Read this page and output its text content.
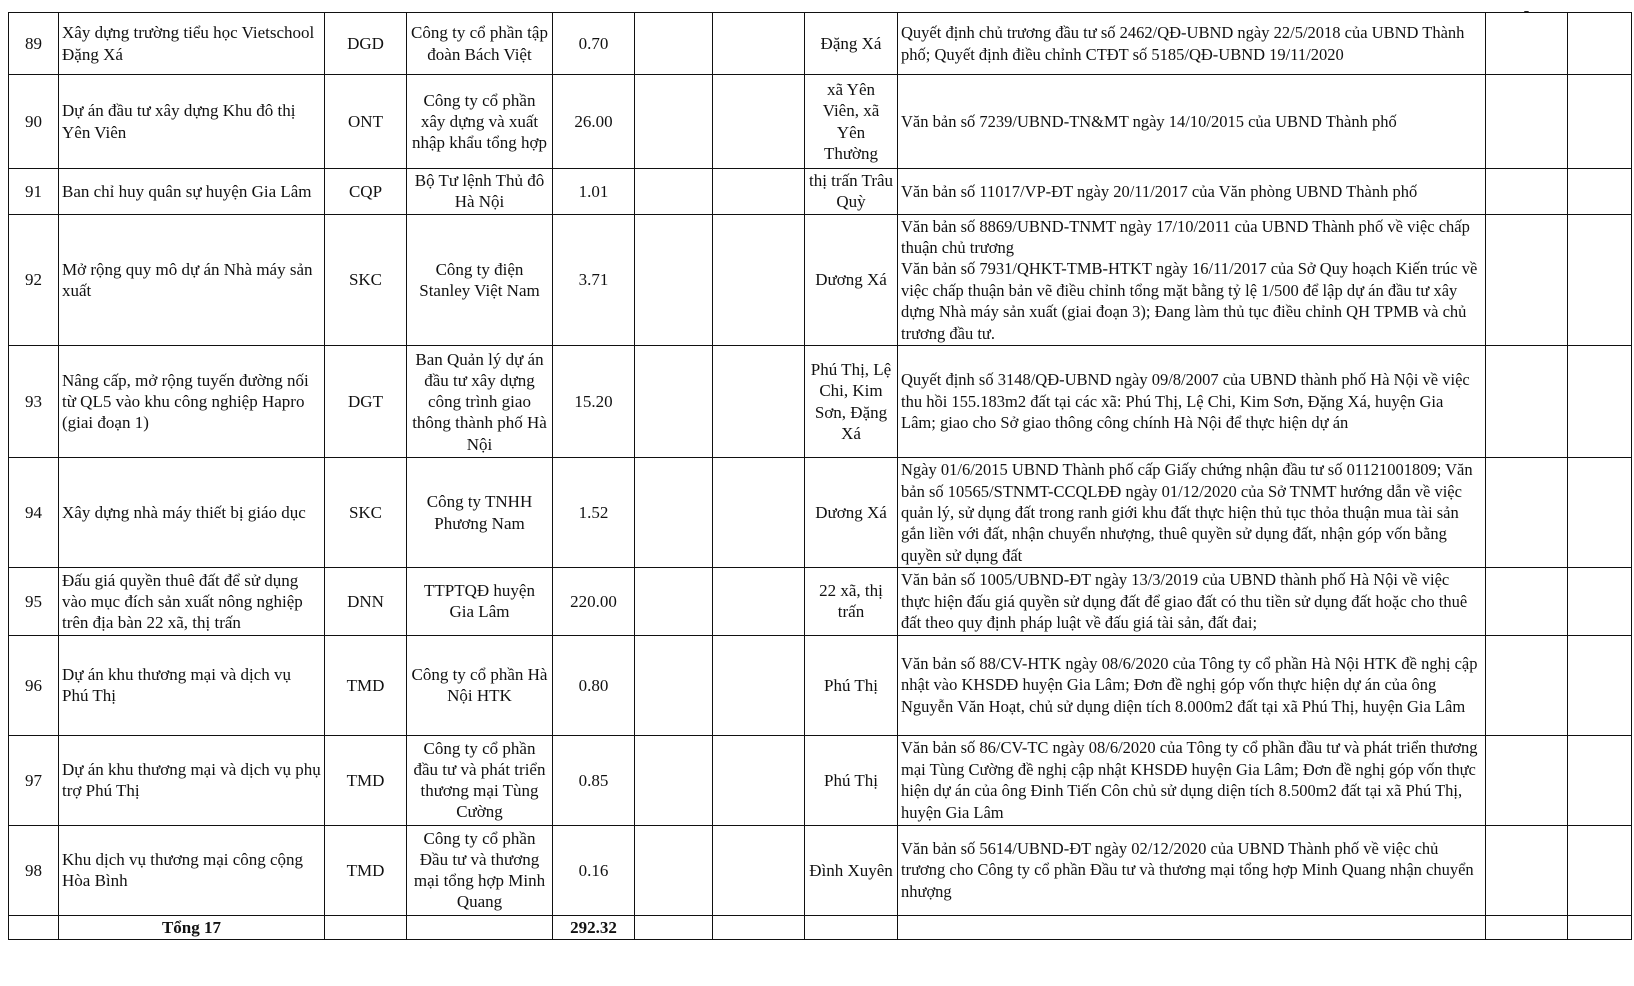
89	Xây dựng trường tiểu học Vietschool Đặng Xá	DGD	Công ty cổ phần tập đoàn Bách Việt	0.70			Đặng Xá	Quyết định chủ trương đầu tư số 2462/QĐ-UBND ngày 22/5/2018 của UBND Thành phố; Quyết định điều chỉnh CTĐT số 5185/QĐ-UBND 19/11/2020	-	
90	Dự án đầu tư xây dựng Khu đô thị Yên Viên	ONT	Công ty cổ phần xây dựng và xuất nhập khẩu tổng hợp	26.00			xã Yên Viên, xã Yên Thường	Văn bản số 7239/UBND-TN&MT ngày 14/10/2015 của UBND Thành phố		
91	Ban chỉ huy quân sự huyện Gia Lâm	CQP	Bộ Tư lệnh Thủ đô Hà Nội	1.01			thị trấn Trâu Quỳ	Văn bản số 11017/VP-ĐT ngày 20/11/2017 của Văn phòng UBND Thành phố		
92	Mở rộng quy mô dự án Nhà máy sản xuất	SKC	Công ty điện Stanley Việt Nam	3.71			Dương Xá	Văn bản số 8869/UBND-TNMT ngày 17/10/2011 của UBND Thành phố về việc chấp thuận chủ trương
Văn bản số 7931/QHKT-TMB-HTKT ngày 16/11/2017 của Sở Quy hoạch Kiến trúc về việc chấp thuận bản vẽ điều chỉnh tổng mặt bằng tỷ lệ 1/500 để lập dự án đầu tư xây dựng Nhà máy sản xuất (giai đoạn 3); Đang làm thủ tục điều chỉnh QH TPMB và chủ trương đầu tư.		
93	Nâng cấp, mở rộng tuyến đường nối từ QL5 vào khu công nghiệp Hapro (giai đoạn 1)	DGT	Ban Quản lý dự án đầu tư xây dựng công trình giao thông thành phố Hà Nội	15.20			Phú Thị, Lệ Chi, Kim Sơn, Đặng Xá	Quyết định số 3148/QĐ-UBND ngày 09/8/2007 của UBND thành phố Hà Nội về việc thu hồi 155.183m2 đất tại các xã: Phú Thị, Lệ Chi, Kim Sơn, Đặng Xá, huyện Gia Lâm; giao cho Sở giao thông công chính Hà Nội để thực hiện dự án		
94	Xây dựng nhà máy thiết bị giáo dục	SKC	Công ty TNHH Phương Nam	1.52			Dương Xá	Ngày 01/6/2015 UBND Thành phố cấp Giấy chứng nhận đầu tư số 01121001809; Văn bản số 10565/STNMT-CCQLĐĐ ngày 01/12/2020 của Sở TNMT hướng dẫn về việc quản lý, sử dụng đất trong ranh giới khu đất thực hiện thủ tục thỏa thuận mua tài sản gắn liền với đất, nhận chuyển nhượng, thuê quyền sử dụng đất, nhận góp vốn bằng quyền sử dụng đất		
95	Đấu giá quyền thuê đất để sử dụng vào mục đích sản xuất nông nghiệp trên địa bàn 22 xã, thị trấn	DNN	TTPTQĐ huyện Gia Lâm	220.00			22 xã, thị trấn	Văn bản số 1005/UBND-ĐT ngày 13/3/2019 của UBND thành phố Hà Nội về việc thực hiện đấu giá quyền sử dụng đất để giao đất có thu tiền sử dụng đất hoặc cho thuê đất theo quy định pháp luật về đấu giá tài sản, đất đai;		
96	Dự án khu thương mại và dịch vụ Phú Thị	TMD	Công ty cổ phần Hà Nội HTK	0.80			Phú Thị	Văn bản số 88/CV-HTK ngày 08/6/2020 của Tông ty cổ phần Hà Nội HTK đề nghị cập nhật vào KHSDĐ huyện Gia Lâm; Đơn đề nghị góp vốn thực hiện dự án của ông Nguyễn Văn Hoạt, chủ sử dụng diện tích 8.000m2 đất tại xã Phú Thị, huyện Gia Lâm		
97	Dự án khu thương mại và dịch vụ phụ trợ Phú Thị	TMD	Công ty cổ phần đầu tư và phát triển thương mại Tùng Cường	0.85			Phú Thị	Văn bản số 86/CV-TC ngày 08/6/2020 của Tông ty cổ phần đầu tư và phát triển thương mại Tùng Cường đề nghị cập nhật KHSDĐ huyện Gia Lâm; Đơn đề nghị góp vốn thực hiện dự án của ông Đinh Tiến Côn chủ sử dụng diện tích 8.500m2 đất tại xã Phú Thị, huyện Gia Lâm		
98	Khu dịch vụ thương mại công cộng Hòa Bình	TMD	Công ty cổ phần Đầu tư và thương mại tổng hợp Minh Quang	0.16			Đình Xuyên	Văn bản số 5614/UBND-ĐT ngày 02/12/2020 của UBND Thành phố về việc chủ trương cho Công ty cổ phần Đầu tư và thương mại tổng hợp Minh Quang nhận chuyển nhượng		
	Tổng 17			292.32						
